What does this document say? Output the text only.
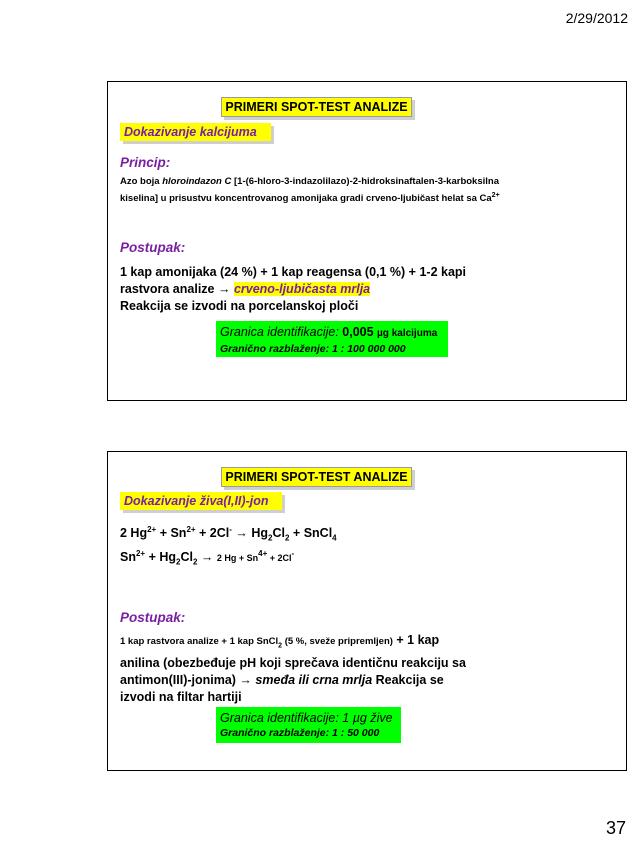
2/29/2012
PRIMERI SPOT-TEST ANALIZE
Dokazivanje kalcijuma
Princip:
Azo boja hloroindazon C [1-(6-hloro-3-indazolilazo)-2-hidroksinaftalen-3-karboksilna kiselina] u prisustvu koncentrovanog amonijaka gradi crveno-ljubičast helat sa $Ca^{2+}$
Postupak:
1 kap amonijaka (24 %) + 1 kap reagensa (0,1 %) + 1-2 kapi
rastvora analize → crveno-ljubičasta mrlja
Reakcija se izvodi na porcelanskoj ploči
Granica identifikacije: 0,005 µg kalcijuma
Granično razblaženje: 1 : 100 000 000
PRIMERI SPOT-TEST ANALIZE
Dokazivanje živa(I,II)-jon
2 $Hg^{2+} + Sn^{2+} + 2Cl^- \to Hg_2Cl_2$ + SnCl$_4$
$Sn^{2+} + Hg_2Cl_2 \to 2$ $Hg + Sn^{4+} + 2Cl^-$
Postupak:
1 kap rastvora analize + 1 kap SnCl$_2$ (5 %, sveže pripremljen) + 1 kap
anilina (obezbeđuje pH koji sprečava identičnu reakciju sa
antimon(III)-jonima) → smeđa ili crna mrlja Reakcija se
izvodi na filtar hartiji
Granica identifikacije: 1 µg žive
Granično razblaženje: 1 : 50 000
37
